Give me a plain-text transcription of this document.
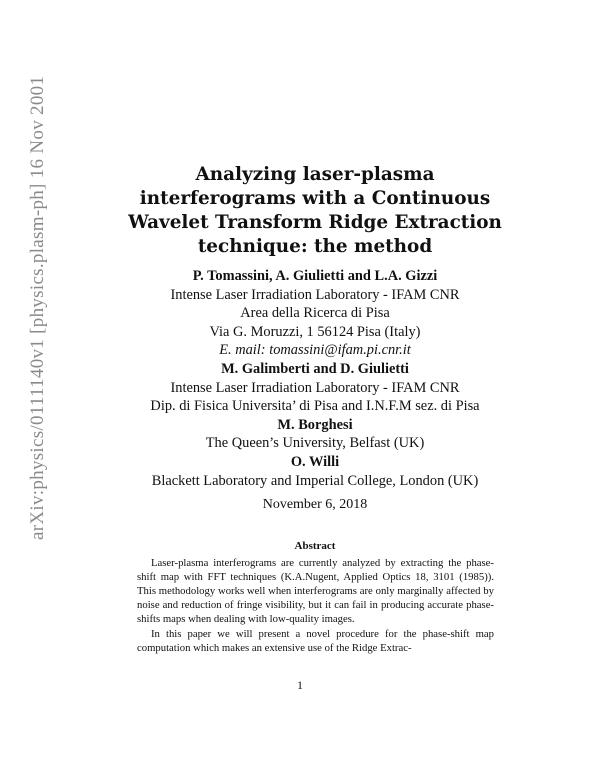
arXiv:physics/0111140v1 [physics.plasm-ph] 16 Nov 2001	Analyzing laser-plasma
interferograms with a Continuous
Wavelet Transform Ridge Extraction
technique: the method
P. Tomassini, A. Giulietti and L.A. Gizzi
Intense Laser Irradiation Laboratory - IFAM CNR
Area della Ricerca di Pisa
Via G. Moruzzi, 1 56124 Pisa (Italy)
E. mail: tomassini@ifam.pi.cnr.it
M. Galimberti and D. Giulietti
Intense Laser Irradiation Laboratory - IFAM CNR
Dip. di Fisica Universita’ di Pisa and I.N.F.M sez. di Pisa
M. Borghesi
The Queen’s University, Belfast (UK)
O. Willi
Blackett Laboratory and Imperial College, London (UK)
November 6, 2018
Abstract

Laser-plasma interferograms are currently analyzed by extracting the phase-shift map with FFT techniques (K.A.Nugent, Applied Optics 18, 3101 (1985)). This methodology works well when interferograms are only marginally affected by noise and reduction of fringe visibility, but it can fail in producing accurate phase-shifts maps when dealing with low-quality images.

In this paper we will present a novel procedure for the phase-shift map computation which makes an extensive use of the Ridge Extrac-

1
